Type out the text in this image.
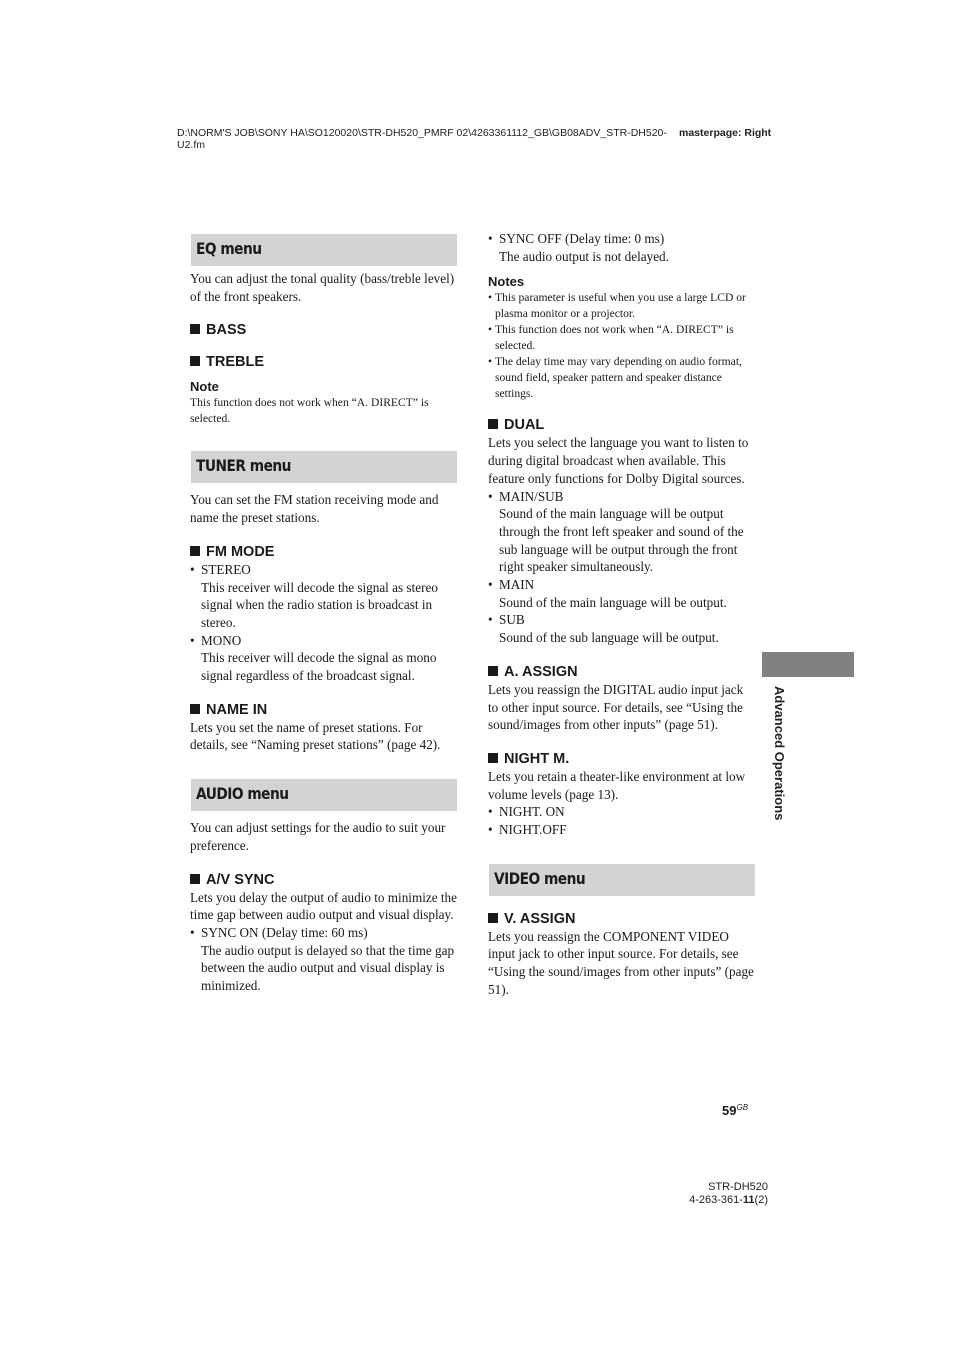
D:\NORM'S JOB\SONY HA\SO120020\STR-DH520_PMRF 02\4263361112_GB\GB08ADV_STR-DH520-U2.fm
masterpage: Right
EQ menu

You can adjust the tonal quality (bass/treble level) of the front speakers.

BASS

TREBLE

Note

This function does not work when “A. DIRECT” is selected.

TUNER menu

You can set the FM station receiving mode and name the preset stations.

FM MODE

• STEREO

This receiver will decode the signal as stereo signal when the radio station is broadcast in stereo.

• MONO

This receiver will decode the signal as mono signal regardless of the broadcast signal.

NAME IN

Lets you set the name of preset stations. For details, see “Naming preset stations” (page 42).

AUDIO menu

You can adjust settings for the audio to suit your preference.

A/V SYNC

Lets you delay the output of audio to minimize the time gap between audio output and visual display.

• SYNC ON (Delay time: 60 ms)

The audio output is delayed so that the time gap between the audio output and visual display is minimized.

• SYNC OFF (Delay time: 0 ms)

The audio output is not delayed.

Notes

• This parameter is useful when you use a large LCD or plasma monitor or a projector.

• This function does not work when “A. DIRECT” is selected.

• The delay time may vary depending on audio format, sound field, speaker pattern and speaker distance settings.

DUAL

Lets you select the language you want to listen to during digital broadcast when available. This feature only functions for Dolby Digital sources.

• MAIN/SUB

Sound of the main language will be output through the front left speaker and sound of the sub language will be output through the front right speaker simultaneously.

• MAIN

Sound of the main language will be output.

• SUB

Sound of the sub language will be output.

A. ASSIGN

Lets you reassign the DIGITAL audio input jack to other input source. For details, see “Using the sound/images from other inputs” (page 51).

NIGHT M.

Lets you retain a theater-like environment at low volume levels (page 13).

• NIGHT. ON

• NIGHT.OFF

VIDEO menu

V. ASSIGN

Lets you reassign the COMPONENT VIDEO input jack to other input source. For details, see “Using the sound/images from other inputs” (page 51).

Advanced Operations
$59^{GB}$
STR-DH520
4-263-361-11(2)
